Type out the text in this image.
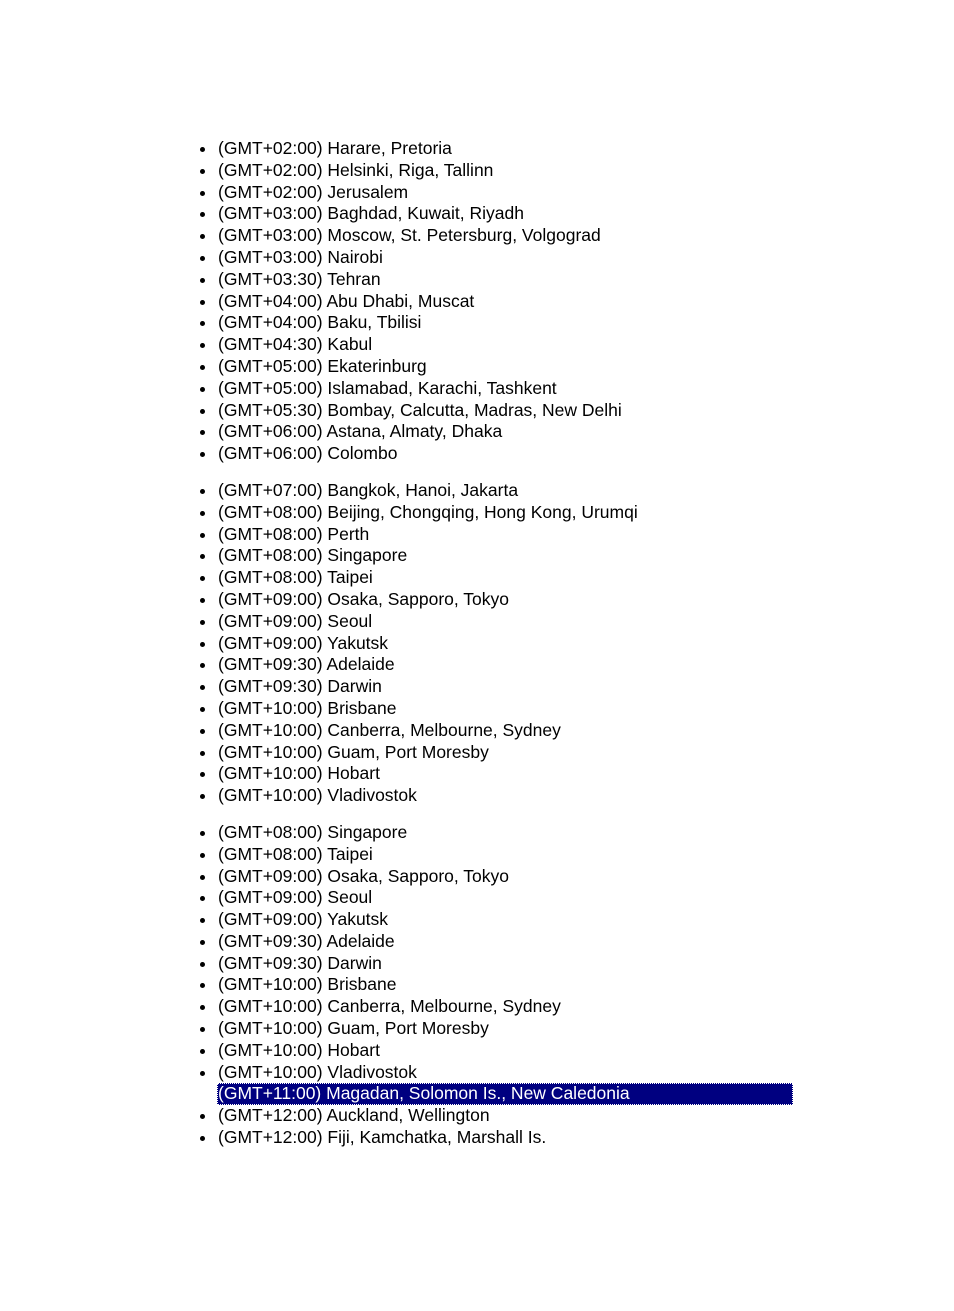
• (GMT+02:00) Harare, Pretoria
• (GMT+02:00) Helsinki, Riga, Tallinn
• (GMT+02:00) Jerusalem
• (GMT+03:00) Baghdad, Kuwait, Riyadh
• (GMT+03:00) Moscow, St. Petersburg, Volgograd
• (GMT+03:00) Nairobi
• (GMT+03:30) Tehran
• (GMT+04:00) Abu Dhabi, Muscat
• (GMT+04:00) Baku, Tbilisi
• (GMT+04:30) Kabul
• (GMT+05:00) Ekaterinburg
• (GMT+05:00) Islamabad, Karachi, Tashkent
• (GMT+05:30) Bombay, Calcutta, Madras, New Delhi
• (GMT+06:00) Astana, Almaty, Dhaka
• (GMT+06:00) Colombo
• (GMT+07:00) Bangkok, Hanoi, Jakarta
• (GMT+08:00) Beijing, Chongqing, Hong Kong, Urumqi
• (GMT+08:00) Perth
• (GMT+08:00) Singapore
• (GMT+08:00) Taipei
• (GMT+09:00) Osaka, Sapporo, Tokyo
• (GMT+09:00) Seoul
• (GMT+09:00) Yakutsk
• (GMT+09:30) Adelaide
• (GMT+09:30) Darwin
• (GMT+10:00) Brisbane
• (GMT+10:00) Canberra, Melbourne, Sydney
• (GMT+10:00) Guam, Port Moresby
• (GMT+10:00) Hobart
• (GMT+10:00) Vladivostok
• (GMT+08:00) Singapore
• (GMT+08:00) Taipei
• (GMT+09:00) Osaka, Sapporo, Tokyo
• (GMT+09:00) Seoul
• (GMT+09:00) Yakutsk
• (GMT+09:30) Adelaide
• (GMT+09:30) Darwin
• (GMT+10:00) Brisbane
• (GMT+10:00) Canberra, Melbourne, Sydney
• (GMT+10:00) Guam, Port Moresby
• (GMT+10:00) Hobart
• (GMT+10:00) Vladivostok
• (GMT+11:00) Magadan, Solomon Is., New Caledonia
• (GMT+12:00) Auckland, Wellington
• (GMT+12:00) Fiji, Kamchatka, Marshall Is.
